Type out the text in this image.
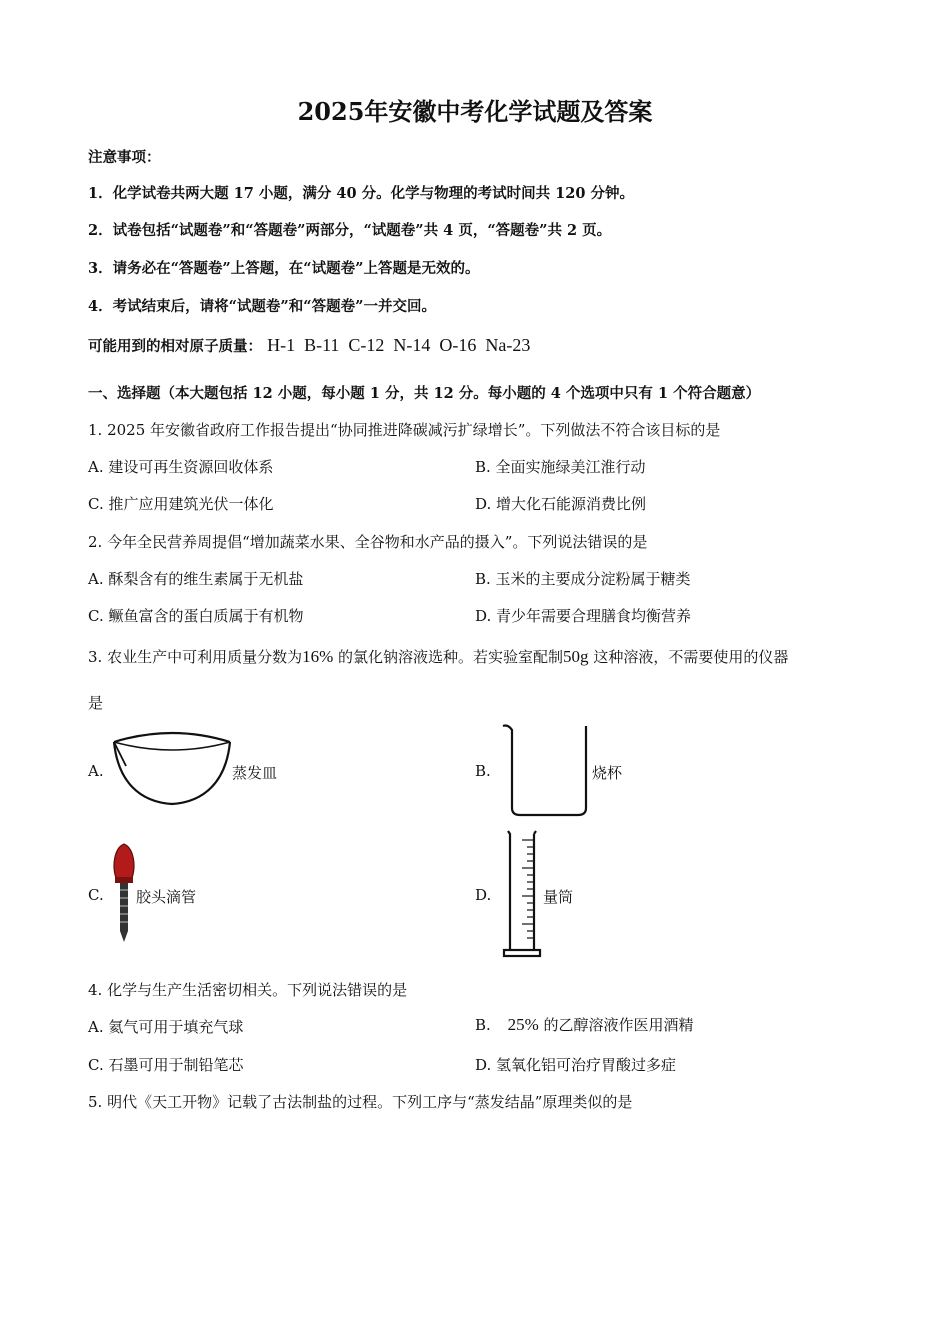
2025年安徽中考化学试题及答案
注意事项：
1．化学试卷共两大题 17 小题，满分 40 分。化学与物理的考试时间共 120 分钟。
2．试卷包括“试题卷”和“答题卷”两部分，“试题卷”共 4 页，“答题卷”共 2 页。
3．请务必在“答题卷”上答题，在“试题卷”上答题是无效的。
4．考试结束后，请将“试题卷”和“答题卷”一并交回。
可能用到的相对原子质量： H-1  B-11  C-12  N-14  O-16  Na-23
一、选择题（本大题包括 12 小题，每小题 1 分，共 12 分。每小题的 4 个选项中只有 1 个符合题意）
1. 2025 年安徽省政府工作报告提出“协同推进降碳减污扩绿增长”。下列做法不符合该目标的是
A. 建设可再生资源回收体系	B. 全面实施绿美江淮行动
C. 推广应用建筑光伏一体化	D. 增大化石能源消费比例
2. 今年全民营养周提倡“增加蔬菜水果、全谷物和水产品的摄入”。下列说法错误的是
A. 酥梨含有的维生素属于无机盐	B. 玉米的主要成分淀粉属于糖类
C. 鳜鱼富含的蛋白质属于有机物	D. 青少年需要合理膳食均衡营养
3. 农业生产中可利用质量分数为16% 的氯化钠溶液选种。若实验室配制50g 这种溶液，不需要使用的仪器
是
A.	蒸发皿	B.	烧杯
C. 胶头滴管	D.	量筒
4. 化学与生产生活密切相关。下列说法错误的是
A. 氦气可用于填充气球	B. 25% 的乙醇溶液作医用酒精
C. 石墨可用于制铅笔芯	D. 氢氧化铝可治疗胃酸过多症
5. 明代《天工开物》记载了古法制盐的过程。下列工序与“蒸发结晶”原理类似的是
